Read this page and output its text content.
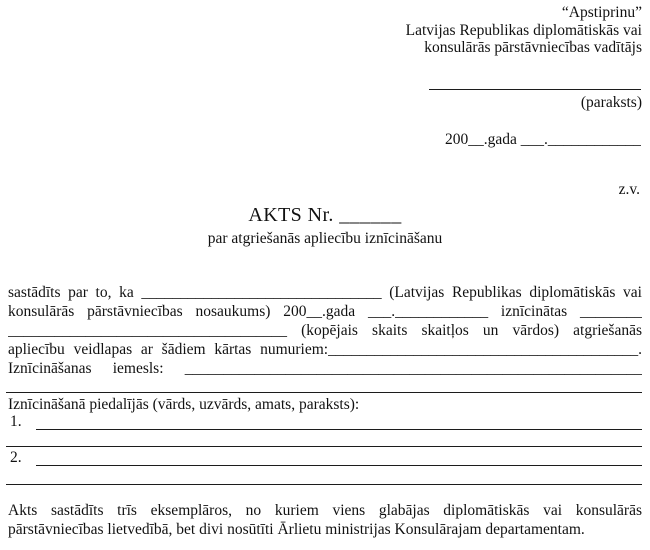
“Apstiprinu”
Latvijas Republikas diplomātiskās vai
konsulārās pārstāvniecības vadītājs
(paraksts)
200__.gada ___.____________
z.v.
AKTS Nr. ______
par atgriešanās apliecību iznīcināšanu
sastādīts par to, ka _______________________________ (Latvijas Republikas diplomātiskās vai
konsulārās pārstāvniecības nosaukums) 200__.gada ___.____________ iznīcinātas ________
____________________________________ (kopējais skaits skaitļos un vārdos) atgriešanās
apliecību veidlapas ar šādiem kārtas numuriem:________________________________________.
Iznīcināšanas iemesls: ___________________________________________________________
Iznīcināšanā piedalījās (vārds, uzvārds, amats, paraksts):
1.
2.
Akts sastādīts trīs eksemplāros, no kuriem viens glabājas diplomātiskās vai konsulārās
pārstāvniecības lietvedībā, bet divi nosūtīti Ārlietu ministrijas Konsulārajam departamentam.
